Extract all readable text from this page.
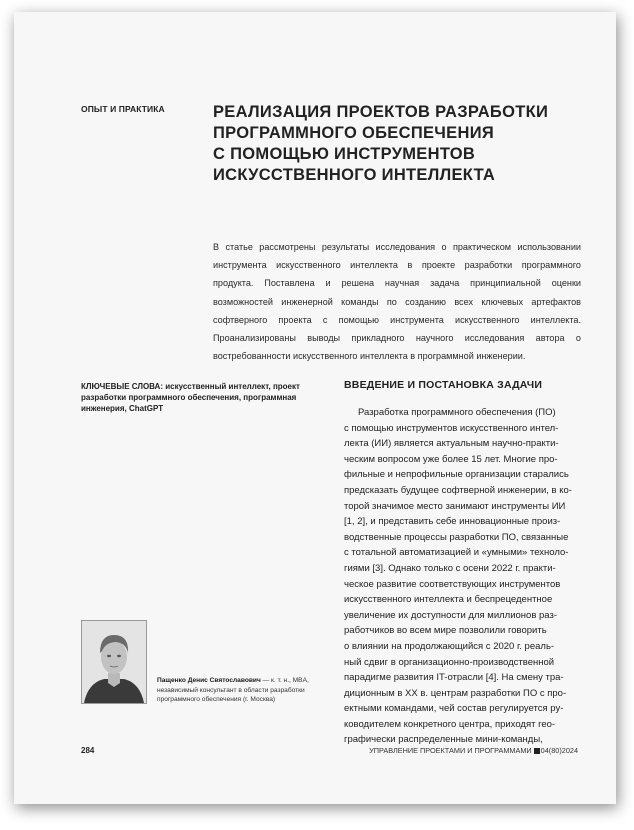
ОПЫТ И ПРАКТИКА	РЕАЛИЗАЦИЯ ПРОЕКТОВ РАЗРАБОТКИ
ПРОГРАММНОГО ОБЕСПЕЧЕНИЯ
С ПОМОЩЬЮ ИНСТРУМЕНТОВ
ИСКУССТВЕННОГО ИНТЕЛЛЕКТА
В статье рассмотрены результаты исследования о практическом использовании инструмента искусственного интеллекта в проекте разработки программного продукта. Поставлена и решена научная задача принципиальной оценки возможностей инженерной команды по созданию всех ключевых артефактов софтверного проекта с помощью инструмента искусственного интеллекта. Проанализированы выводы прикладного научного исследования автора о востребованности искусственного интеллекта в программной инженерии.
КЛЮЧЕВЫЕ СЛОВА: искусственный интеллект, проект разработки программного обеспечения, программная инженерия, ChatGPT
ВВЕДЕНИЕ И ПОСТАНОВКА ЗАДАЧИ
Разработка программного обеспечения (ПО)
с помощью инструментов искусственного интел-
лекта (ИИ) является актуальным научно-практи-
ческим вопросом уже более 15 лет. Многие про-
фильные и непрофильные организации старались
предсказать будущее софтверной инженерии, в ко-
торой значимое место занимают инструменты ИИ
[1, 2], и представить себе инновационные произ-
водственные процессы разработки ПО, связанные
с тотальной автоматизацией и «умными» техноло-
гиями [3]. Однако только с осени 2022 г. практи-
ческое развитие соответствующих инструментов
искусственного интеллекта и беспрецедентное
увеличение их доступности для миллионов раз-
работчиков во всем мире позволили говорить
о влиянии на продолжающийся с 2020 г. реаль-
ный сдвиг в организационно-производственной
парадигме развития IT-отрасли [4]. На смену тра-
диционным в XX в. центрам разработки ПО с про-
ектными командами, чей состав регулируется ру-
ководителем конкретного центра, приходят гео-
графически распределенные мини-команды,
Пащенко Денис Святославович — к. т. н., MBA, независимый консультант в области разработки программного обеспечения (г. Москва)
284	УПРАВЛЕНИЕ ПРОЕКТАМИ И ПРОГРАММАМИ 04(80)2024
